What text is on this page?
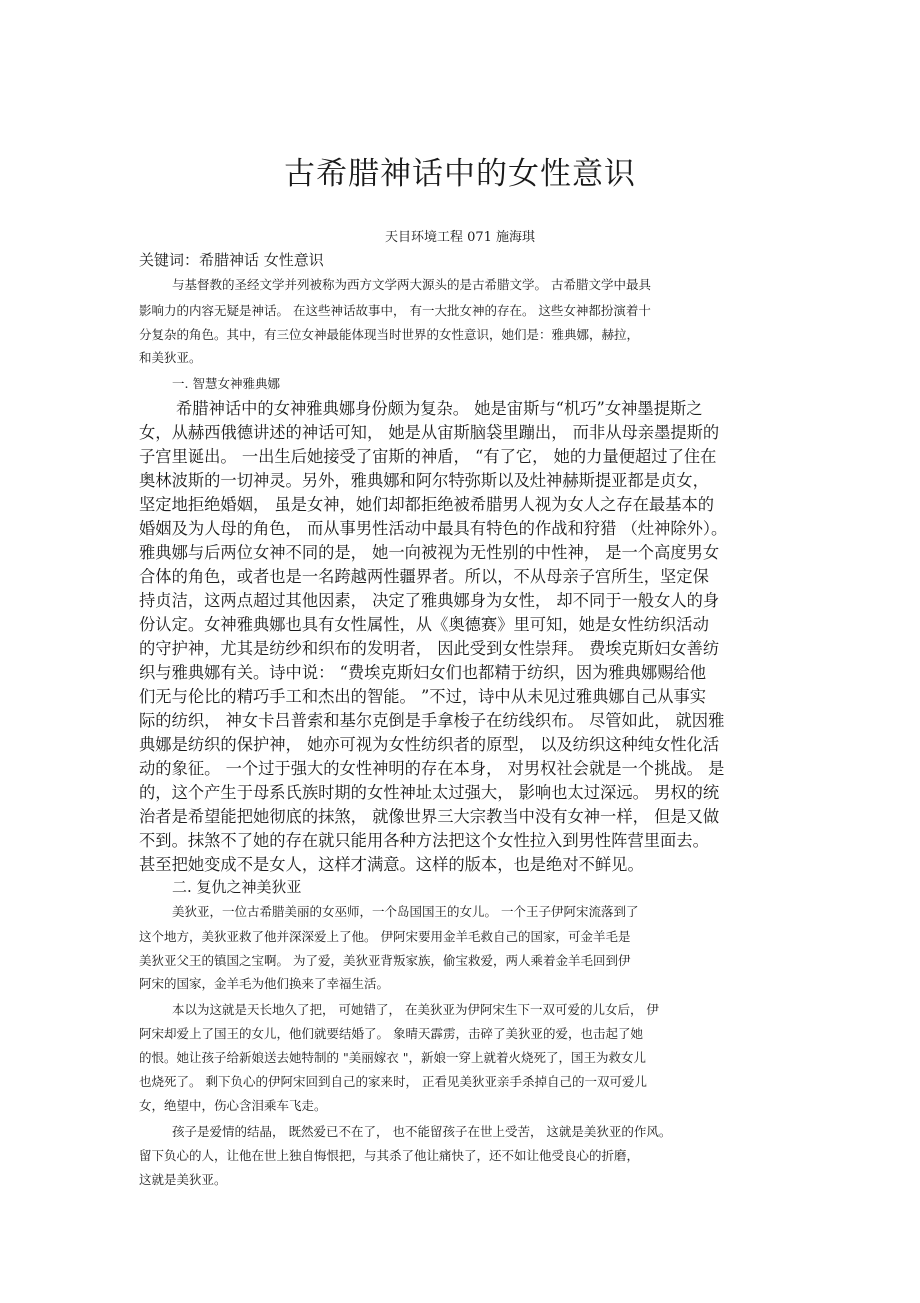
古希腊神话中的女性意识
天目环境工程 071 施海琪
关键词：希腊神话 女性意识
与基督教的圣经文学并列被称为西方文学两大源头的是古希腊文学。 古希腊文学中最具
影响力的内容无疑是神话。 在这些神话故事中， 有一大批女神的存在。 这些女神都扮演着十
分复杂的角色。其中，有三位女神最能体现当时世界的女性意识，她们是：雅典娜，赫拉，
和美狄亚。
一. 智慧女神雅典娜
希腊神话中的女神雅典娜身份颇为复杂。 她是宙斯与“机巧”女神墨提斯之
女，从赫西俄德讲述的神话可知， 她是从宙斯脑袋里蹦出， 而非从母亲墨提斯的
子宫里诞出。 一出生后她接受了宙斯的神盾， “有了它， 她的力量便超过了住在
奥林波斯的一切神灵。另外，雅典娜和阿尔特弥斯以及灶神赫斯提亚都是贞女，
坚定地拒绝婚姻， 虽是女神，她们却都拒绝被希腊男人视为女人之存在最基本的
婚姻及为人母的角色， 而从事男性活动中最具有特色的作战和狩猎 （灶神除外）。
雅典娜与后两位女神不同的是， 她一向被视为无性别的中性神， 是一个高度男女
合体的角色，或者也是一名跨越两性疆界者。所以，不从母亲子宫所生，坚定保
持贞洁，这两点超过其他因素， 决定了雅典娜身为女性， 却不同于一般女人的身
份认定。女神雅典娜也具有女性属性，从《奥德赛》里可知，她是女性纺织活动
的守护神，尤其是纺纱和织布的发明者， 因此受到女性崇拜。 费埃克斯妇女善纺
织与雅典娜有关。诗中说： “费埃克斯妇女们也都精于纺织，因为雅典娜赐给他
们无与伦比的精巧手工和杰出的智能。 ”不过，诗中从未见过雅典娜自己从事实
际的纺织， 神女卡吕普索和基尔克倒是手拿梭子在纺线织布。 尽管如此， 就因雅
典娜是纺织的保护神， 她亦可视为女性纺织者的原型， 以及纺织这种纯女性化活
动的象征。 一个过于强大的女性神明的存在本身， 对男权社会就是一个挑战。 是
的，这个产生于母系氏族时期的女性神址太过强大， 影响也太过深远。 男权的统
治者是希望能把她彻底的抹煞， 就像世界三大宗教当中没有女神一样， 但是又做
不到。抹煞不了她的存在就只能用各种方法把这个女性拉入到男性阵营里面去。
甚至把她变成不是女人，这样才满意。这样的版本，也是绝对不鲜见。
二. 复仇之神美狄亚
美狄亚，一位古希腊美丽的女巫师，一个岛国国王的女儿。 一个王子伊阿宋流落到了
这个地方，美狄亚救了他并深深爱上了他。 伊阿宋要用金羊毛救自己的国家，可金羊毛是
美狄亚父王的镇国之宝啊。 为了爱，美狄亚背叛家族，偷宝救爱，两人乘着金羊毛回到伊
阿宋的国家，金羊毛为他们换来了幸福生活。
本以为这就是天长地久了把， 可她错了， 在美狄亚为伊阿宋生下一双可爱的儿女后， 伊
阿宋却爱上了国王的女儿，他们就要结婚了。 象晴天霹雳，击碎了美狄亚的爱，也击起了她
的恨。她让孩子给新娘送去她特制的 "美丽嫁衣 "，新娘一穿上就着火烧死了，国王为救女儿
也烧死了。 剩下负心的伊阿宋回到自己的家来时， 正看见美狄亚亲手杀掉自己的一双可爱儿
女，绝望中，伤心含泪乘车飞走。
孩子是爱情的结晶， 既然爱已不在了， 也不能留孩子在世上受苦， 这就是美狄亚的作风。
留下负心的人，让他在世上独自悔恨把，与其杀了他让痛快了，还不如让他受良心的折磨，
这就是美狄亚。
